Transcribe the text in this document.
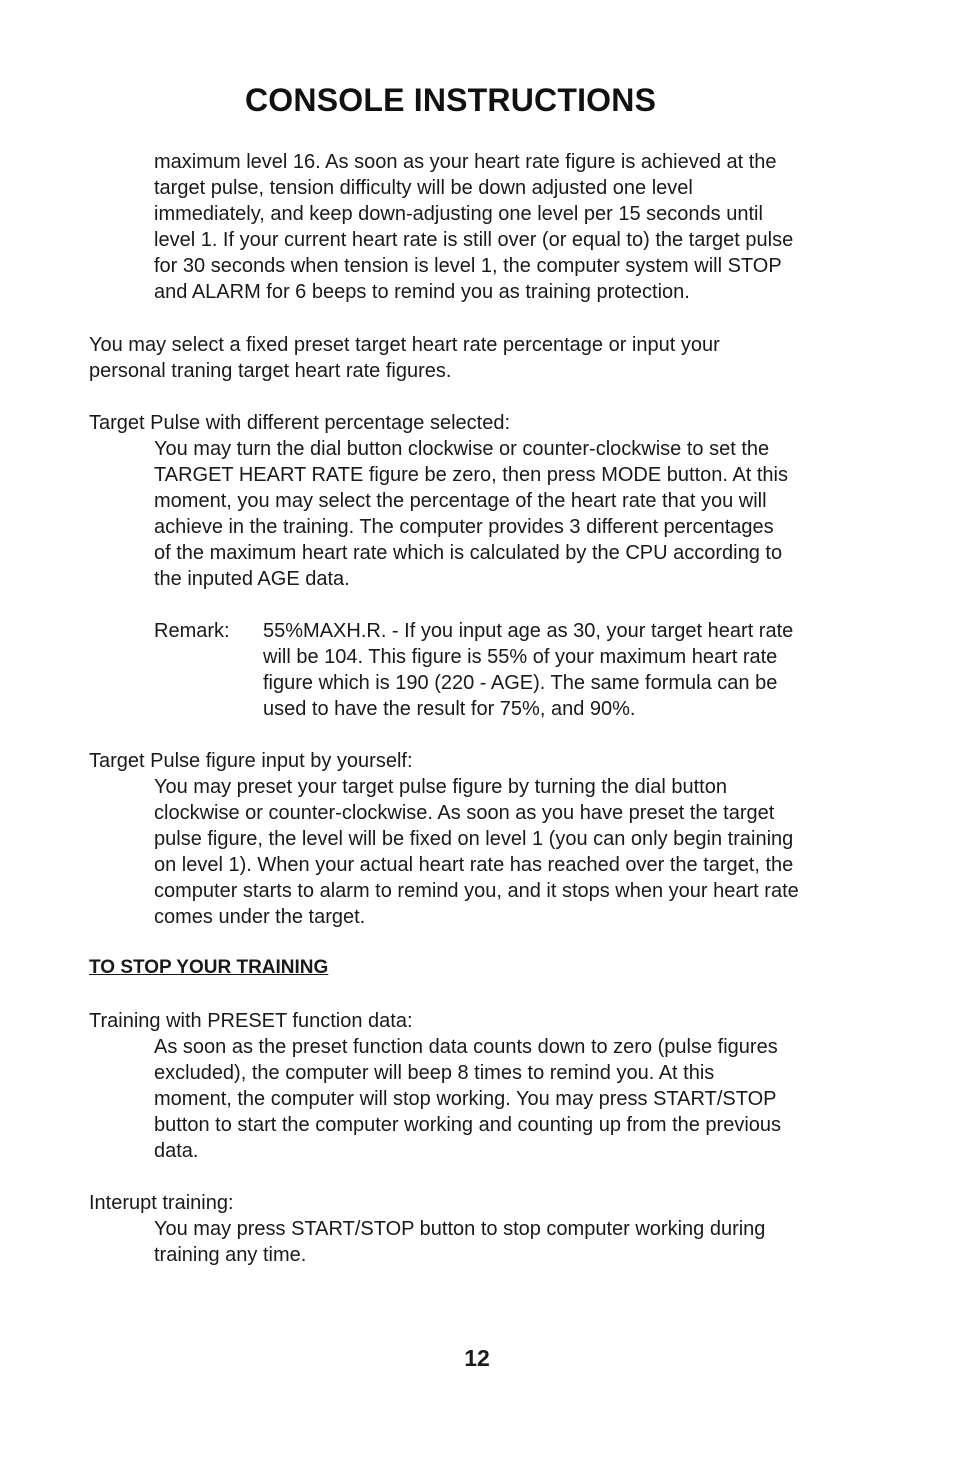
CONSOLE INSTRUCTIONS

maximum level 16. As soon as your heart rate figure is achieved at the
target pulse, tension difficulty will be down adjusted one level
immediately, and keep down-adjusting one level per 15 seconds until
level 1. If your current heart rate is still over (or equal to) the target pulse
for 30 seconds when tension is level 1, the computer system will STOP
and ALARM for 6 beeps to remind you as training protection.

You may select a fixed preset target heart rate percentage or input your
personal traning target heart rate figures.

Target Pulse with different percentage selected:

You may turn the dial button clockwise or counter-clockwise to set the
TARGET HEART RATE figure be zero, then press MODE button. At this
moment, you may select the percentage of the heart rate that you will
achieve in the training. The computer provides 3 different percentages
of the maximum heart rate which is calculated by the CPU according to
the inputed AGE data.

Remark:	55%MAXH.R. - If you input age as 30, your target heart rate
will be 104. This figure is 55% of your maximum heart rate
figure which is 190 (220 - AGE). The same formula can be
used to have the result for 75%, and 90%.

Target Pulse figure input by yourself:

You may preset your target pulse figure by turning the dial button
clockwise or counter-clockwise. As soon as you have preset the target
pulse figure, the level will be fixed on level 1 (you can only begin training
on level 1). When your actual heart rate has reached over the target, the
computer starts to alarm to remind you, and it stops when your heart rate
comes under the target.

TO STOP YOUR TRAINING

Training with PRESET function data:

As soon as the preset function data counts down to zero (pulse figures
excluded), the computer will beep 8 times to remind you. At this
moment, the computer will stop working. You may press START/STOP
button to start the computer working and counting up from the previous
data.

Interupt training:

You may press START/STOP button to stop computer working during
training any time.

12
